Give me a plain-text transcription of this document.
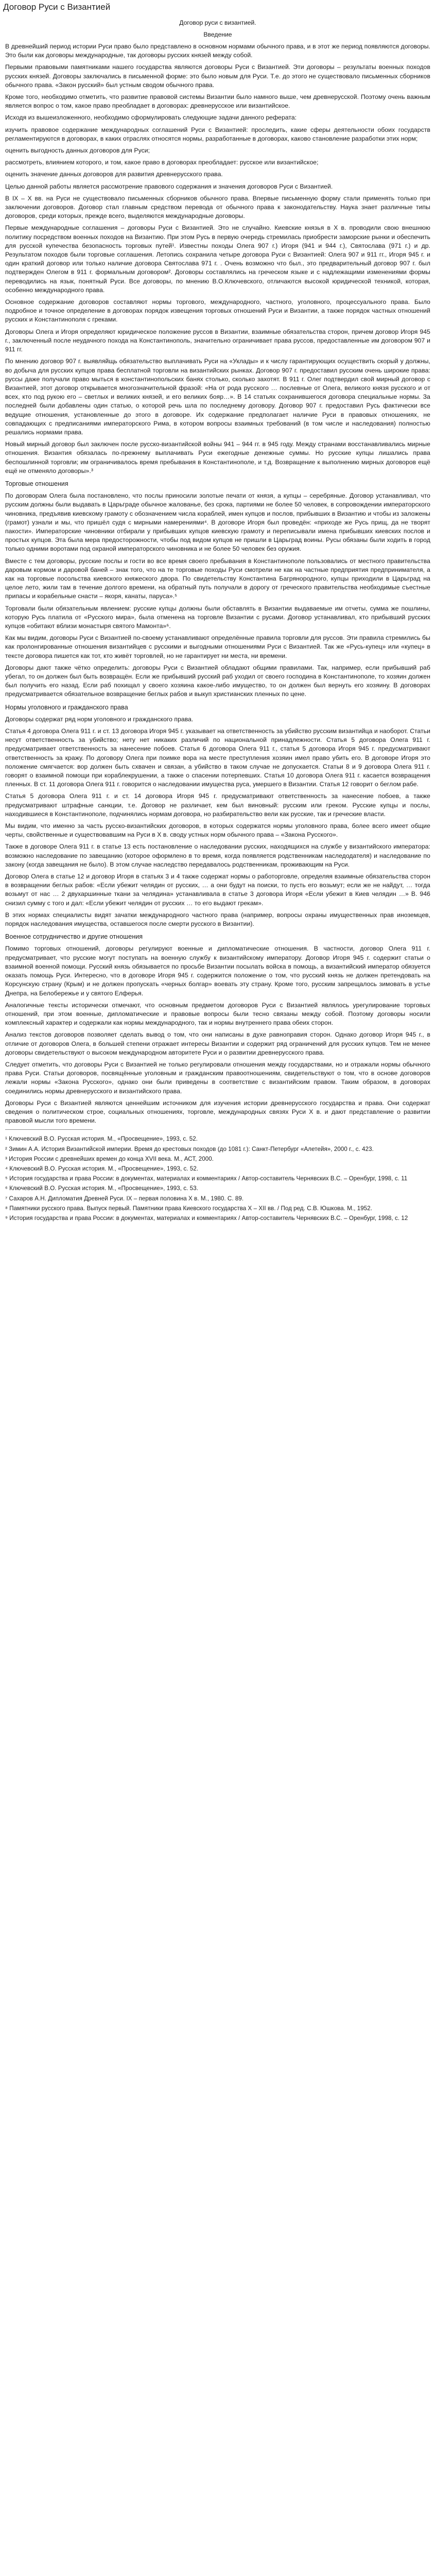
Договор Руси с Византией
Договор руси с византией.
Введение

В древнейший период истории Руси право было представлено в основном нормами обычного права, и в этот же период появляются договоры. Это были как договоры международные, так договоры русских князей между собой.

Первыми правовыми памятниками нашего государства являются договоры Руси с Византией. Эти договоры – результаты военных походов русских князей. Договоры заключались в письменной форме: это было новым для Руси. Т.е. до этого не существовало письменных сборников обычного права. «Закон русский» был устным сводом обычного права.

Кроме того, необходимо отметить, что развитие правовой системы Византии было намного выше, чем древнерусской. Поэтому очень важным является вопрос о том, какое право преобладает в договорах: древнерусское или византийское.

Исходя из вышеизложенного, необходимо сформулировать следующие задачи данного реферата:

изучить правовое содержание международных соглашений Руси с Византией: проследить, какие сферы деятельности обоих государств регламентируются в договорах, в каких отраслях относятся нормы, разработанные в договорах, каково становление разработки этих норм;

оценить выгодность данных договоров для Руси;

рассмотреть, влиянием которого, и том, какое право в договорах преобладает: русское или византийское;

оценить значение данных договоров для развития древнерусского права.

Целью данной работы является рассмотрение правового содержания и значения договоров Руси с Византией.

В IX – X вв. на Руси не существовало письменных сборников обычного права. Впервые письменную форму стали применять только при заключении договоров. Договор стал главным средством перевода от обычного права к законодательству. Наука знает различные типы договоров, среди которых, прежде всего, выделяются международные договоры.

Первые международные соглашения – договоры Руси с Византией. Это не случайно. Киевские князья в X в. проводили свою внешнюю политику посредством военных походов на Византию. При этом Русь в первую очередь стремилась приобрести заморские рынки и обеспечить для русской купечества безопасность торговых путей¹. Известны походы Олега 907 г.) Игоря (941 и 944 г.), Святослава (971 г.) и др. Результатом походов были торговые соглашения. Летопись сохранила четыре договора Руси с Византией: Олега 907 и 911 гг., Игоря 945 г. и один краткий договор или только наличие договора Святослава 971 г. . Очень возможно что был., это предварительный договор 907 г. был подтвержден Олегом в 911 г. формальным договором². Договоры составлялись на греческом языке и с надлежащими изменениями формы переводились на язык, понятный Руси. Все договоры, по мнению В.О.Ключевского, отличаются высокой юридической техникой, которая, особенно международного права.

Основное содержание договоров составляют нормы торгового, международного, частного, уголовного, процессуального права. Было подробное и точное определение в договорах порядок извещения торговых отношений Руси и Византии, а также порядок частных отношений русских и Константинополя с греками.

Договоры Олега и Игоря определяют юридическое положение руссов в Византии, взаимные обязательства сторон, причем договор Игоря 945 г., заключенный после неудачного похода на Константинополь, значительно ограничивает права руссов, предоставленные им договором 907 и 911 гг.

По мнению договор 907 г. выявляйщь обязательство выплачивать Руси на «Уклады» и к числу гарантирующих осуществить скорый у должны, во добыча для русских купцов права бесплатной торговли на византийских рынках. Договор 907 г. предоставил русским очень широкие права: руссы даже получали право мыться в константинопольских банях столько, сколько захотят. В 911 г. Олег подтвердил свой мирный договор с Византией, этот договор открывается многозначительной фразой: «На от рода русского … послевные от Олега, великого князя русского и от всех, кто под рукою его – светлых и великих князей, и его великих бояр…». В 14 статьях сохранившегося договора специальные нормы. За последней были добавлены один статью, о которой речь шла по последнему договору. Договор 907 г. предоставил Русь фактически все ведущие отношения, установленные до этого в договоре. Их содержание предполагает наличие Руси в правовых отношениях, не совпадающих с предписаниями императорского Рима, в котором вопросы взаимных требований (в том числе и наследования) полностью решались нормами права.

Новый мирный договор был заключен после русско-византийской войны 941 – 944 гг. в 945 году. Между странами восстанавливались мирные отношения. Византия обязалась по-прежнему выплачивать Руси ежегодные денежные суммы. Но русские купцы лишались права беспошлинной торговли; им ограничивалось время пребывания в Константинополе, и т.д. Возвращение к выполнению мирных договоров ещё ещё не отменяло договоры».³

Торговые отношения

По договорам Олега была постановлено, что послы приносили золотые печати от князя, а купцы – серебряные. Договор устанавливал, что русским должны были выдавать в Царьграде обычное жалованье, без срока, партиями не более 50 человек, в сопровождении императорского чиновника, предъявив киевскому грамоту с обозначением числа кораблей, имен купцов и послов, прибывших в Византию и чтобы из заложены (грамот) узнали и мы, что пришёл судя с мирными намерениями⁴. В договоре Игоря был проведён: «приходе же Русь прищ, да не творят пакости». Императорские чиновники отбирали у прибывших купцов киевскую грамоту и переписывали имена прибывших киевских послов и простых купцов. Эта была мера предосторожности, чтобы под видом купцов не пришли в Царьград воины. Русы обязаны были ходить в город только одними воротами под охраной императорского чиновника и не более 50 человек без оружия.

Вместе с тем договоры, русские послы и гости во все время своего пребывания в Константинополе пользовались от местного правительства даровым кормом и даровой баней – знак того, что на те торговые походы Руси смотрели не как на частные предприятия предпринимателя, а как на торговые посольства киевского княжеского двора. По свидетельству Константина Багрянородного, купцы приходили в Царьград на целое лето, жили там в течение долгого времени, на обратный путь получали в дорогу от греческого правительства необходимые съестные припасы и корабельные снасти – якоря, канаты, паруса».⁵

Торговали были обязательным явлением: русские купцы должны были обставлять в Византии выдаваемые им отчеты, сумма же пошлины, которую Русь платила от «Русского мира», была отменена на торговле Византии с русами. Договор устанавливал, кто прибывший русских купцов «обитают вблизи монастыря святого Мамонта»⁶.

Как мы видим, договоры Руси с Византией по-своему устанавливают определённые правила торговли для руссов. Эти правила стремились бы как пролонгированные отношения византийцев с русскими и выгодными отношениями Руси с Византией. Так же «Русь-купец» или «купец» в тексте договора пишется как тот, кто живёт торговлей, но не гарантирует ни места, ни времени.

Договоры дают также чётко определить: договоры Руси с Византией обладают общими правилами. Так, например, если прибывший раб убегал, то он должен был быть возвращён. Если же прибывший русский раб уходил от своего господина в Константинополе, то хозяин должен был получить его назад. Если раб похищал у своего хозяина какое-либо имущество, то он должен был вернуть его хозяину. В договорах предусматривается обязательное возвращение беглых рабов и выкуп христианских пленных по цене.

Нормы уголовного и гражданского права

Договоры содержат ряд норм уголовного и гражданского права.

Статья 4 договора Олега 911 г. и ст. 13 договора Игоря 945 г. указывает на ответственность за убийство русским византийца и наоборот. Статьи несут ответственность за убийство; нету нет никаких различий по национальной принадлежности. Статья 5 договора Олега 911 г. предусматривает ответственность за нанесение побоев. Статья 6 договора Олега 911 г., статья 5 договора Игоря 945 г. предусматривают ответственность за кражу. По договору Олега при поимке вора на месте преступления хозяин имел право убить его. В договоре Игоря это положение смягчается: вор должен быть схвачен и связан, а убийство в таком случае не допускается. Статьи 8 и 9 договора Олега 911 г. говорят о взаимной помощи при кораблекрушении, а также о спасении потерпевших. Статья 10 договора Олега 911 г. касается возвращения пленных. В ст. 11 договора Олега 911 г. говорится о наследовании имущества руса, умершего в Византии. Статья 12 говорит о беглом рабе.

Статья 5 договора Олега 911 г. и ст. 14 договора Игоря 945 г. предусматривают ответственность за нанесение побоев, а также предусматривают штрафные санкции, т.е. Договор не различает, кем был виновный: русским или греком. Русские купцы и послы, находившиеся в Константинополе, подчинялись нормам договора, но разбирательство вели как русские, так и греческие власти.

Мы видим, что именно за часть русско-византийских договоров, в которых содержатся нормы уголовного права, более всего имеет общие черты, свойственные и существовавшим на Руси в X в. своду устных норм обычного права – «Закона Русского».

Также в договоре Олега 911 г. в статье 13 есть постановление о наследовании русских, находящихся на службе у византийского императора: возможно наследование по завещанию (которое оформлено в то время, когда появляется родственникам наследодателя) и наследование по закону (когда завещания не было). В этом случае наследство передавалось родственникам, проживающим на Руси.

Договор Олега в статье 12 и договор Игоря в статьях 3 и 4 также содержат нормы о работорговле, определяя взаимные обязательства сторон в возвращении беглых рабов: «Если убежит челядин от русских, … а они будут на поиски, то пусть его возьмут; если же не найдут, … тогда возьмут от нас … 2 двухаршинные ткани за челядина» устанавливала в статье 3 договора Игоря «Если убежит в Киев челядин …» В. 946 снизил сумму с того и дал: «Если убежит челядин от русских … то его выдают грекам».

В этих нормах специалисты видят зачатки международного частного права (например, вопросы охраны имущественных прав иноземцев, порядок наследования имущества, оставшегося после смерти русского в Византии).

Военное сотрудничество и другие отношения

Помимо торговых отношений, договоры регулируют военные и дипломатические отношения. В частности, договор Олега 911 г. предусматривает, что русские могут поступать на военную службу к византийскому императору. Договор Игоря 945 г. содержит статьи о взаимной военной помощи. Русский князь обязывается по просьбе Византии посылать войска в помощь, а византийский император обязуется оказать помощь Руси. Интересно, что в договоре Игоря 945 г. содержится положение о том, что русский князь не должен претендовать на Корсунскую страну (Крым) и не должен пропускать «черных болгар» воевать эту страну. Кроме того, русским запрещалось зимовать в устье Днепра, на Белобережье и у святого Елферья.

Аналогичные тексты исторически отмечают, что основным предметом договоров Руси с Византией являлось урегулирование торговых отношений, при этом военные, дипломатические и правовые вопросы были тесно связаны между собой. Поэтому договоры носили комплексный характер и содержали как нормы международного, так и нормы внутреннего права обеих сторон.

Анализ текстов договоров позволяет сделать вывод о том, что они написаны в духе равноправия сторон. Однако договор Игоря 945 г., в отличие от договоров Олега, в большей степени отражает интересы Византии и содержит ряд ограничений для русских купцов. Тем не менее договоры свидетельствуют о высоком международном авторитете Руси и о развитии древнерусского права.

Следует отметить, что договоры Руси с Византией не только регулировали отношения между государствами, но и отражали нормы обычного права Руси. Статьи договоров, посвящённые уголовным и гражданским правоотношениям, свидетельствуют о том, что в основе договоров лежали нормы «Закона Русского», однако они были приведены в соответствие с византийским правом. Таким образом, в договорах соединились нормы древнерусского и византийского права.

Договоры Руси с Византией являются ценнейшим источником для изучения истории древнерусского государства и права. Они содержат сведения о политическом строе, социальных отношениях, торговле, международных связях Руси X в. и дают представление о развитии правовой мысли того времени.

¹ Ключевский В.О. Русская история. М., «Просвещение», 1993, с. 52.

² Зимин А.А. История Византийской империи. Время до крестовых походов (до 1081 г.): Санкт-Петербург «Алетейя», 2000 г., с. 423.

³ История России с древнейших времен до конца XVII века. М., АСТ, 2000.

⁴ Ключевский В.О. Русская история. М., «Просвещение», 1993, с. 52.

⁵ История государства и права России: в документах, материалах и комментариях / Автор-составитель Чернявских В.С. – Оренбург, 1998, с. 11

⁶ Ключевский В.О. Русская история. М., «Просвещение», 1993, с. 53.

⁷ Сахаров А.Н. Дипломатия Древней Руси. IX – первая половина X в. М., 1980. С. 89.

⁸ Памятники русского права. Выпуск первый. Памятники права Киевского государства X – XII вв. / Под ред. С.В. Юшкова. М., 1952.

⁹ История государства и права России: в документах, материалах и комментариях / Автор-составитель Чернявских В.С. – Оренбург, 1998, с. 12
